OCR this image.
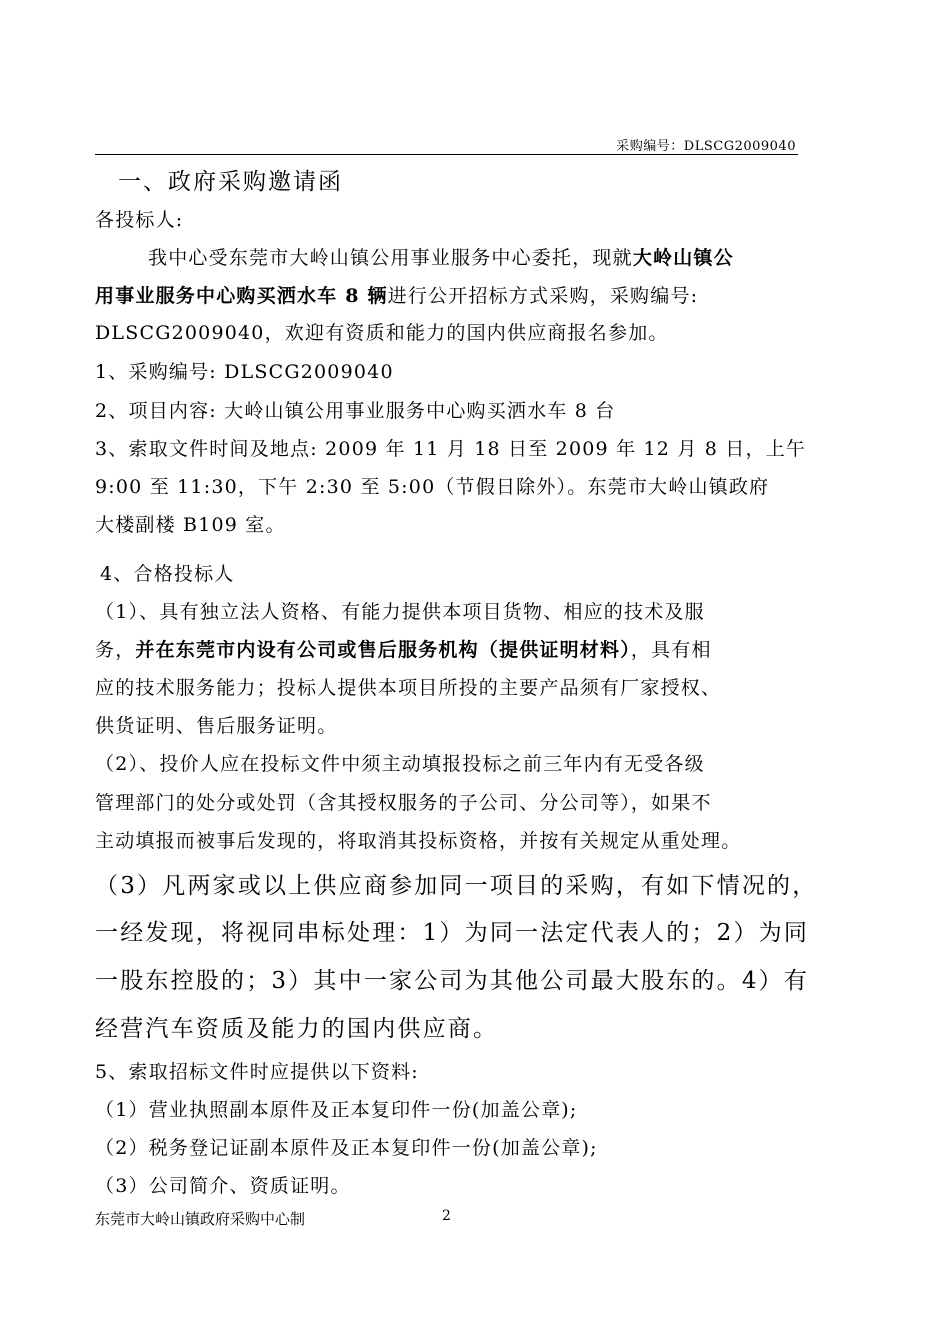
采购编号：DLSCG2009040
一、政府采购邀请函
各投标人:
我中心受东莞市大岭山镇公用事业服务中心委托，现就大岭山镇公
用事业服务中心购买洒水车 8 辆进行公开招标方式采购，采购编号:
DLSCG2009040，欢迎有资质和能力的国内供应商报名参加。
1、采购编号: DLSCG2009040
2、项目内容: 大岭山镇公用事业服务中心购买洒水车 8 台
3、索取文件时间及地点: 2009 年 11 月 18 日至 2009 年 12 月 8 日，上午
9:00 至 11:30，下午 2:30 至 5:00（节假日除外）。东莞市大岭山镇政府
大楼副楼 B109 室。
4、合格投标人
（1）、具有独立法人资格、有能力提供本项目货物、相应的技术及服
务，并在东莞市内设有公司或售后服务机构（提供证明材料），具有相
应的技术服务能力；投标人提供本项目所投的主要产品须有厂家授权、
供货证明、售后服务证明。
（2）、投价人应在投标文件中须主动填报投标之前三年内有无受各级
管理部门的处分或处罚（含其授权服务的子公司、分公司等），如果不
主动填报而被事后发现的，将取消其投标资格，并按有关规定从重处理。
（3）凡两家或以上供应商参加同一项目的采购，有如下情况的，
一经发现，将视同串标处理：1）为同一法定代表人的；2）为同
一股东控股的；3）其中一家公司为其他公司最大股东的。4）有
经营汽车资质及能力的国内供应商。
5、索取招标文件时应提供以下资料:
（1）营业执照副本原件及正本复印件一份(加盖公章);
（2）税务登记证副本原件及正本复印件一份(加盖公章);
（3）公司简介、资质证明。
东莞市大岭山镇政府采购中心制	2
